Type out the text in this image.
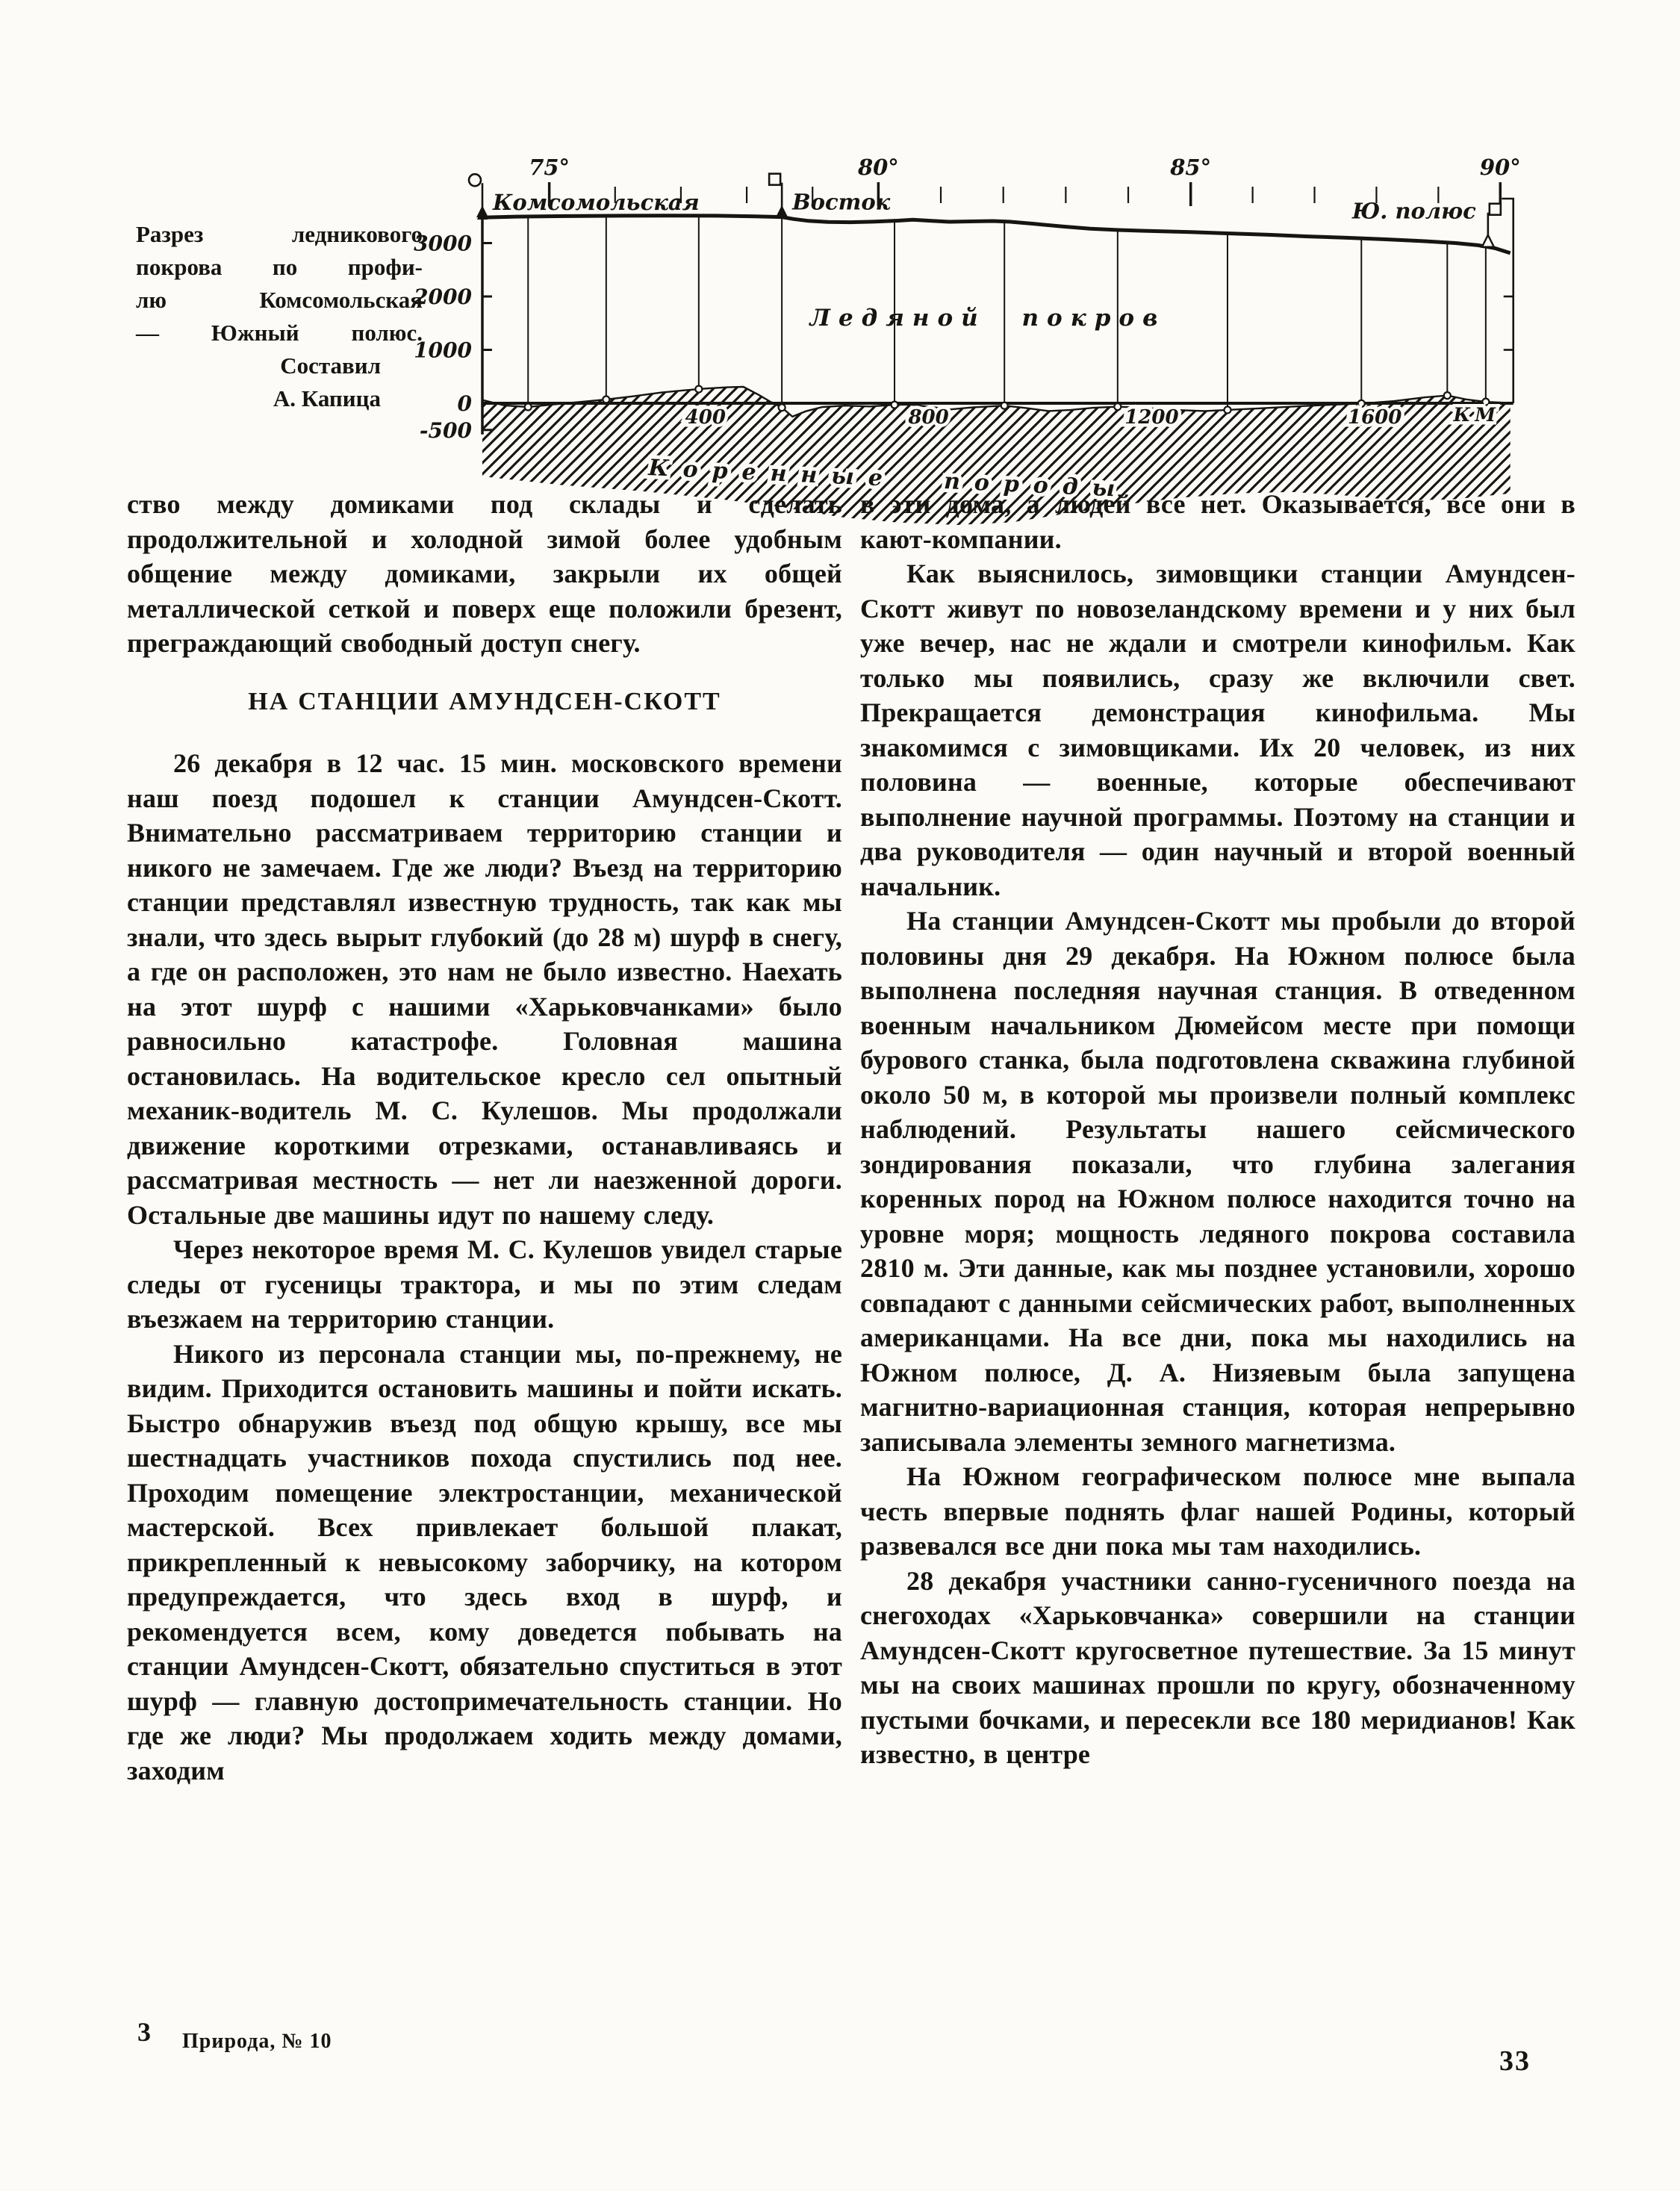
Разрез ледникового
покрова по профи-
лю Комсомольская
— Южный полюс.
Составил
А. Капица
3000
2000
1000
0
-500
75°	80°	85°	90°
Комсомольская	Восток	Ю. полюс
400	800	1200	1600	КМ
Ледяной покров
Коренные породы

ство между домиками под склады и сделать продолжительной и холодной зимой более удобным общение между домиками, закрыли их общей металлической сеткой и поверх еще положили брезент, преграждающий свободный доступ снегу.

НА СТАНЦИИ АМУНДСЕН-СКОТТ

26 декабря в 12 час. 15 мин. московского времени наш поезд подошел к станции Амундсен-Скотт. Внимательно рассматриваем территорию станции и никого не замечаем. Где же люди? Въезд на территорию станции представлял известную трудность, так как мы знали, что здесь вырыт глубокий (до 28 м) шурф в снегу, а где он расположен, это нам не было известно. Наехать на этот шурф с нашими «Харьковчанками» было равносильно катастрофе. Головная машина остановилась. На водительское кресло сел опытный механик-водитель М. С. Кулешов. Мы продолжали движение короткими отрезками, останавливаясь и рассматривая местность — нет ли наезженной дороги. Остальные две машины идут по нашему следу.

Через некоторое время М. С. Кулешов увидел старые следы от гусеницы трактора, и мы по этим следам въезжаем на территорию станции.

Никого из персонала станции мы, по-прежнему, не видим. Приходится остановить машины и пойти искать. Быстро обнаружив въезд под общую крышу, все мы шестнадцать участников похода спустились под нее. Проходим помещение электростанции, механической мастерской. Всех привлекает большой плакат, прикрепленный к невысокому заборчику, на котором предупреждается, что здесь вход в шурф, и рекомендуется всем, кому доведется побывать на станции Амундсен-Скотт, обязательно спуститься в этот шурф — главную достопримечательность станции. Но где же люди? Мы продолжаем ходить между домами, заходим

в эти дома, а людей все нет. Оказывается, все они в кают-компании.

Как выяснилось, зимовщики станции Амундсен-Скотт живут по новозеландскому времени и у них был уже вечер, нас не ждали и смотрели кинофильм. Как только мы появились, сразу же включили свет. Прекращается демонстрация кинофильма. Мы знакомимся с зимовщиками. Их 20 человек, из них половина — военные, которые обеспечивают выполнение научной программы. Поэтому на станции и два руководителя — один научный и второй военный начальник.

На станции Амундсен-Скотт мы пробыли до второй половины дня 29 декабря. На Южном полюсе была выполнена последняя научная станция. В отведенном военным начальником Дюмейсом месте при помощи бурового станка, была подготовлена скважина глубиной около 50 м, в которой мы произвели полный комплекс наблюдений. Результаты нашего сейсмического зондирования показали, что глубина залегания коренных пород на Южном полюсе находится точно на уровне моря; мощность ледяного покрова составила 2810 м. Эти данные, как мы позднее установили, хорошо совпадают с данными сейсмических работ, выполненных американцами. На все дни, пока мы находились на Южном полюсе, Д. А. Низяевым была запущена магнитно-вариационная станция, которая непрерывно записывала элементы земного магнетизма.

На Южном географическом полюсе мне выпала честь впервые поднять флаг нашей Родины, который развевался все дни пока мы там находились.

28 декабря участники санно-гусеничного поезда на снегоходах «Харьковчанка» совершили на станции Амундсен-Скотт кругосветное путешествие. За 15 минут мы на своих машинах прошли по кругу, обозначенному пустыми бочками, и пересекли все 180 меридианов! Как известно, в центре

3 Природа, № 10
33
